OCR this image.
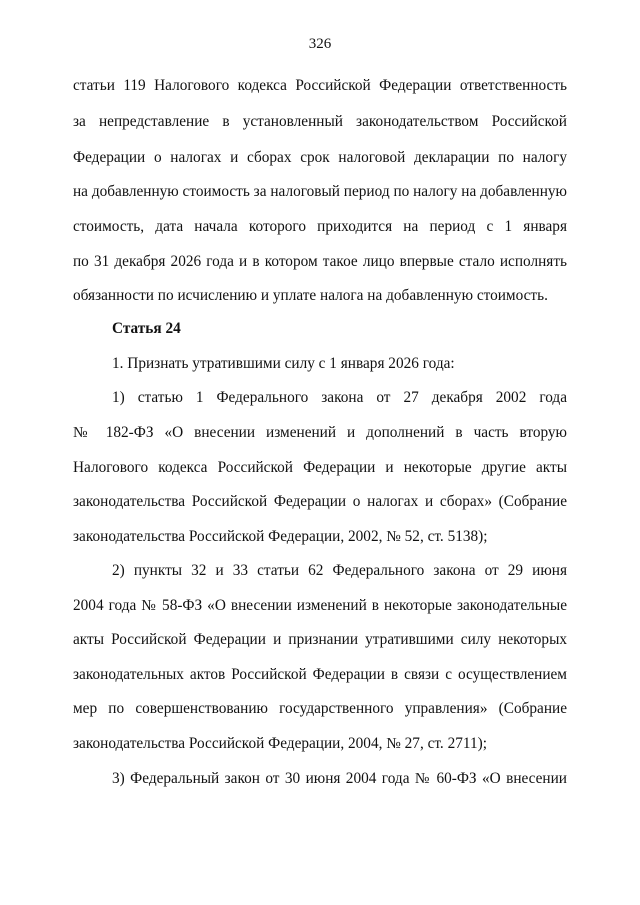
326
статьи 119 Налогового кодекса Российской Федерации ответственность
за непредставление в установленный законодательством Российской
Федерации о налогах и сборах срок налоговой декларации по налогу
на добавленную стоимость за налоговый период по налогу на добавленную
стоимость, дата начала которого приходится на период с 1 января
по 31 декабря 2026 года и в котором такое лицо впервые стало исполнять
обязанности по исчислению и уплате налога на добавленную стоимость.
Статья 24
1. Признать утратившими силу с 1 января 2026 года:
1) статью 1 Федерального закона от 27 декабря 2002 года
№ 182-ФЗ «О внесении изменений и дополнений в часть вторую
Налогового кодекса Российской Федерации и некоторые другие акты
законодательства Российской Федерации о налогах и сборах» (Собрание
законодательства Российской Федерации, 2002, № 52, ст. 5138);
2) пункты 32 и 33 статьи 62 Федерального закона от 29 июня
2004 года № 58-ФЗ «О внесении изменений в некоторые законодательные
акты Российской Федерации и признании утратившими силу некоторых
законодательных актов Российской Федерации в связи с осуществлением
мер по совершенствованию государственного управления» (Собрание
законодательства Российской Федерации, 2004, № 27, ст. 2711);
3) Федеральный закон от 30 июня 2004 года № 60-ФЗ «О внесении
